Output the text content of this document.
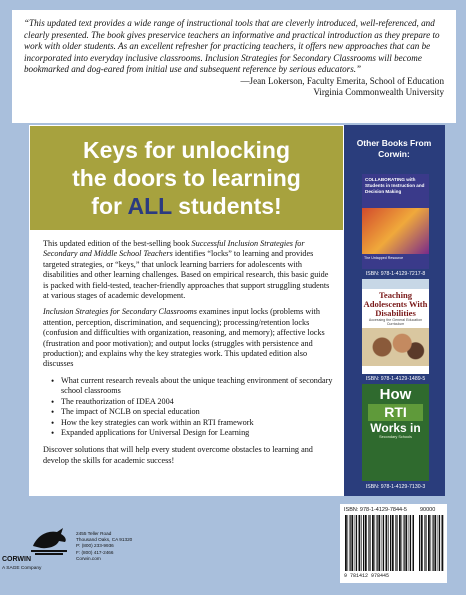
“This updated text provides a wide range of instructional tools that are cleverly introduced, well-referenced, and clearly presented. The book gives preservice teachers an informative and practical introduction as they prepare to work with older students. As an excellent refresher for practicing teachers, it offers new approaches that can be incorporated into everyday inclusive classrooms. Inclusion Strategies for Secondary Classrooms will become bookmarked and dog-eared from initial use and subsequent reference by serious educators.”
—Jean Lokerson, Faculty Emerita, School of Education
Virginia Commonwealth University
Keys for unlocking
the doors to learning
for ALL students!

This updated edition of the best-selling book Successful Inclusion Strategies for Secondary and Middle School Teachers identifies “locks” to learning and provides targeted strategies, or “keys,” that unlock learning barriers for adolescents with disabilities and other learning challenges. Based on empirical research, this basic guide is packed with field-tested, teacher-friendly approaches that support struggling students at various stages of academic development.

Inclusion Strategies for Secondary Classrooms examines input locks (problems with attention, perception, discrimination, and sequencing); processing/retention locks (confusion and difficulties with organization, reasoning, and memory); affective locks (frustration and poor motivation); and output locks (struggles with persistence and production); and explains why the key strategies work. This updated edition also discusses

• What current research reveals about the unique teaching environment of secondary school classrooms
• The reauthorization of IDEA 2004
• The impact of NCLB on special education
• How the key strategies can work within an RTI framework
• Expanded applications for Universal Design for Learning

Discover solutions that will help every student overcome obstacles to learning and develop the skills for academic success!

Other Books From Corwin:
COLLABORATING with Students in Instruction and Decision Making
The Untapped Resource
ISBN: 978-1-4129-7217-8
Teaching Adolescents With Disabilities
Accessing the General Education Curriculum
ISBN: 978-1-4129-1489-5
How
RTI
Works in
Secondary Schools
ISBN: 978-1-4129-7130-3
CORWIN
A SAGE Company
2455 Teller Road
Thousand Oaks, CA 91320
P: (800) 233-9936
F: (800) 417-2466
Corwin.com
ISBN: 978-1-4129-7844-5 90000
9 781412 978445
